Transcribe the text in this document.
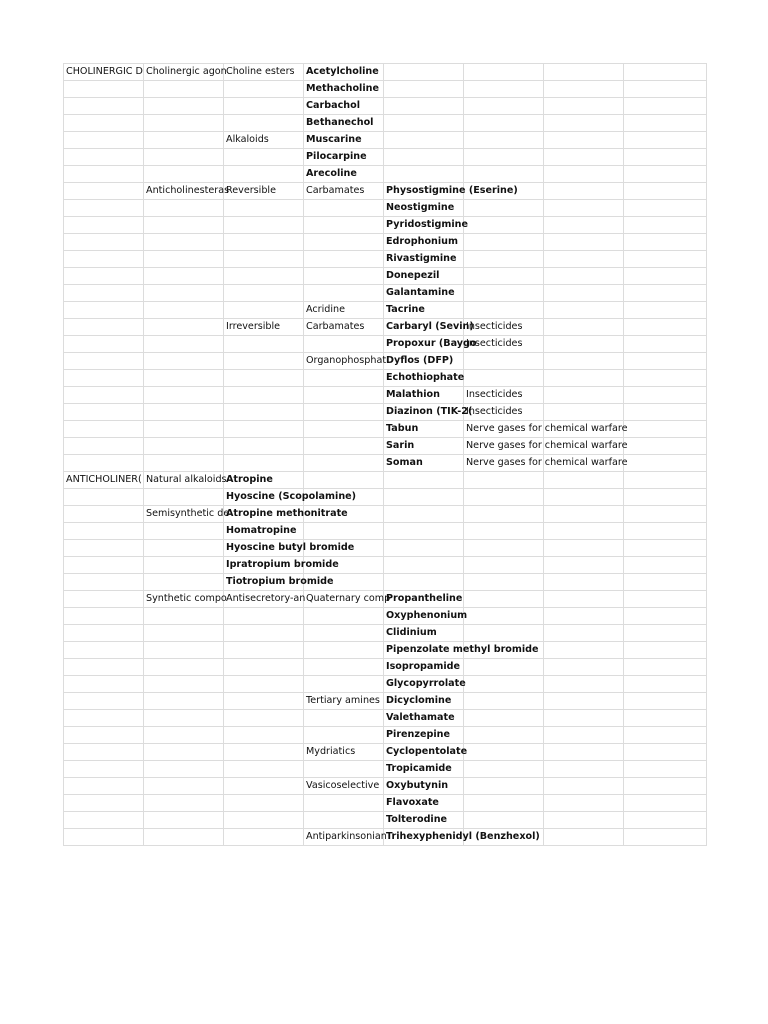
CHOLINERGIC D	Cholinergic agon	Choline esters	Acetylcholine				
			Methacholine				
			Carbachol				
			Bethanechol				
		Alkaloids	Muscarine				
			Pilocarpine				
			Arecoline				
	Anticholinesteras	Reversible	Carbamates	Physostigmine (Eserine)			
				Neostigmine			
				Pyridostigmine			
				Edrophonium			
				Rivastigmine			
				Donepezil			
				Galantamine			
			Acridine	Tacrine			
		Irreversible	Carbamates	Carbaryl (Sevin)	Insecticides		
				Propoxur (Baygo	Insecticides		
			Organophosphat	Dyflos (DFP)			
				Echothiophate			
				Malathion	Insecticides		
				Diazinon (TIK-2(	Insecticides		
				Tabun	Nerve gases for chemical warfare		
				Sarin	Nerve gases for chemical warfare		
				Soman	Nerve gases for chemical warfare		
ANTICHOLINER(	Natural alkaloids	Atropine					
		Hyoscine (Scopolamine)					
	Semisynthetic de	Atropine methonitrate					
		Homatropine					
		Hyoscine butyl bromide					
		Ipratropium bromide					
		Tiotropium bromide					
	Synthetic compo	Antisecretory-an	Quaternary comp	Propantheline			
				Oxyphenonium			
				Clidinium			
				Pipenzolate methyl bromide			
				Isopropamide			
				Glycopyrrolate			
			Tertiary amines	Dicyclomine			
				Valethamate			
				Pirenzepine			
			Mydriatics	Cyclopentolate			
				Tropicamide			
			Vasicoselective	Oxybutynin			
				Flavoxate			
				Tolterodine			
			Antiparkinsonian	Trihexyphenidyl (Benzhexol)			
